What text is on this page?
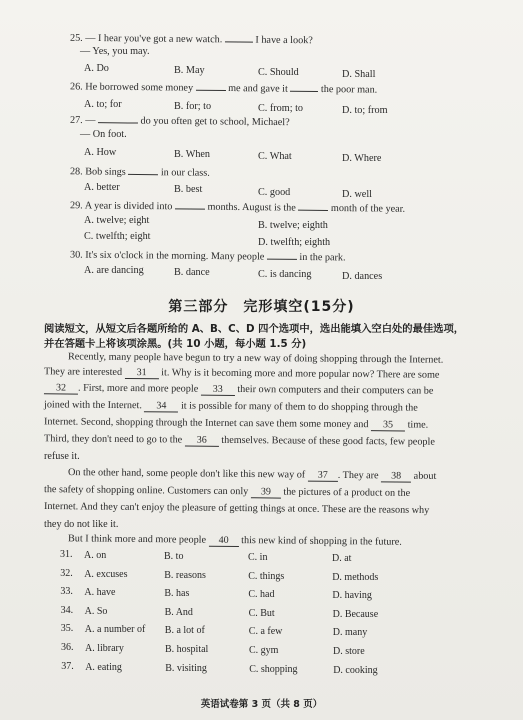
25. — I hear you've got a new watch.	I have a look?
— Yes, you may.
A. Do	B. May	C. Should	D. Shall
26. He borrowed some money	me and gave it	the poor man.
A. to; for	B. for; to	C. from; to	D. to; from
27. —	do you often get to school, Michael?
— On foot.
A. How	B. When	C. What	D. Where
28. Bob sings	in our class.
A. better	B. best	C. good	D. well
29. A year is divided into	months. August is the	month of the year.
A. twelve; eight	B. twelve; eighth
C. twelfth; eight
D. twelfth; eighth
30. It's six o'clock in the morning. Many people	in the park.
A. are dancing	B. dance	C. is dancing	D. dances
第三部分　完形填空(15分)
阅读短文，从短文后各题所给的 A、B、C、D 四个选项中，选出能填入空白处的最佳选项，
并在答题卡上将该项涂黑。(共 10 小题，每小题 1.5 分)
Recently, many people have begun to try a new way of doing shopping through the Internet.
They are interested 31 it. Why is it becoming more and more popular now? There are some
32 . First, more and more people 33 their own computers and their computers can be
joined with the Internet. 34 it is possible for many of them to do shopping through the
Internet. Second, shopping through the Internet can save them some money and 35 time.
Third, they don't need to go to the 36 themselves. Because of these good facts, few people
refuse it.
On the other hand, some people don't like this new way of 37 . They are 38 about
the safety of shopping online. Customers can only 39 the pictures of a product on the
Internet. And they can't enjoy the pleasure of getting things at once. These are the reasons why
they do not like it.
But I think more and more people 40 this new kind of shopping in the future.
31. A. on	B. to	C. in	D. at
32. A. excuses	B. reasons	C. things	D. methods
33. A. have	B. has	C. had	D. having
34. A. So	B. And	C. But	D. Because
35. A. a number of B. a lot of	C. a few	D. many
36. A. library	B. hospital	C. gym	D. store
37. A. eating	B. visiting	C. shopping	D. cooking
英语试卷第 3 页（共 8 页）
